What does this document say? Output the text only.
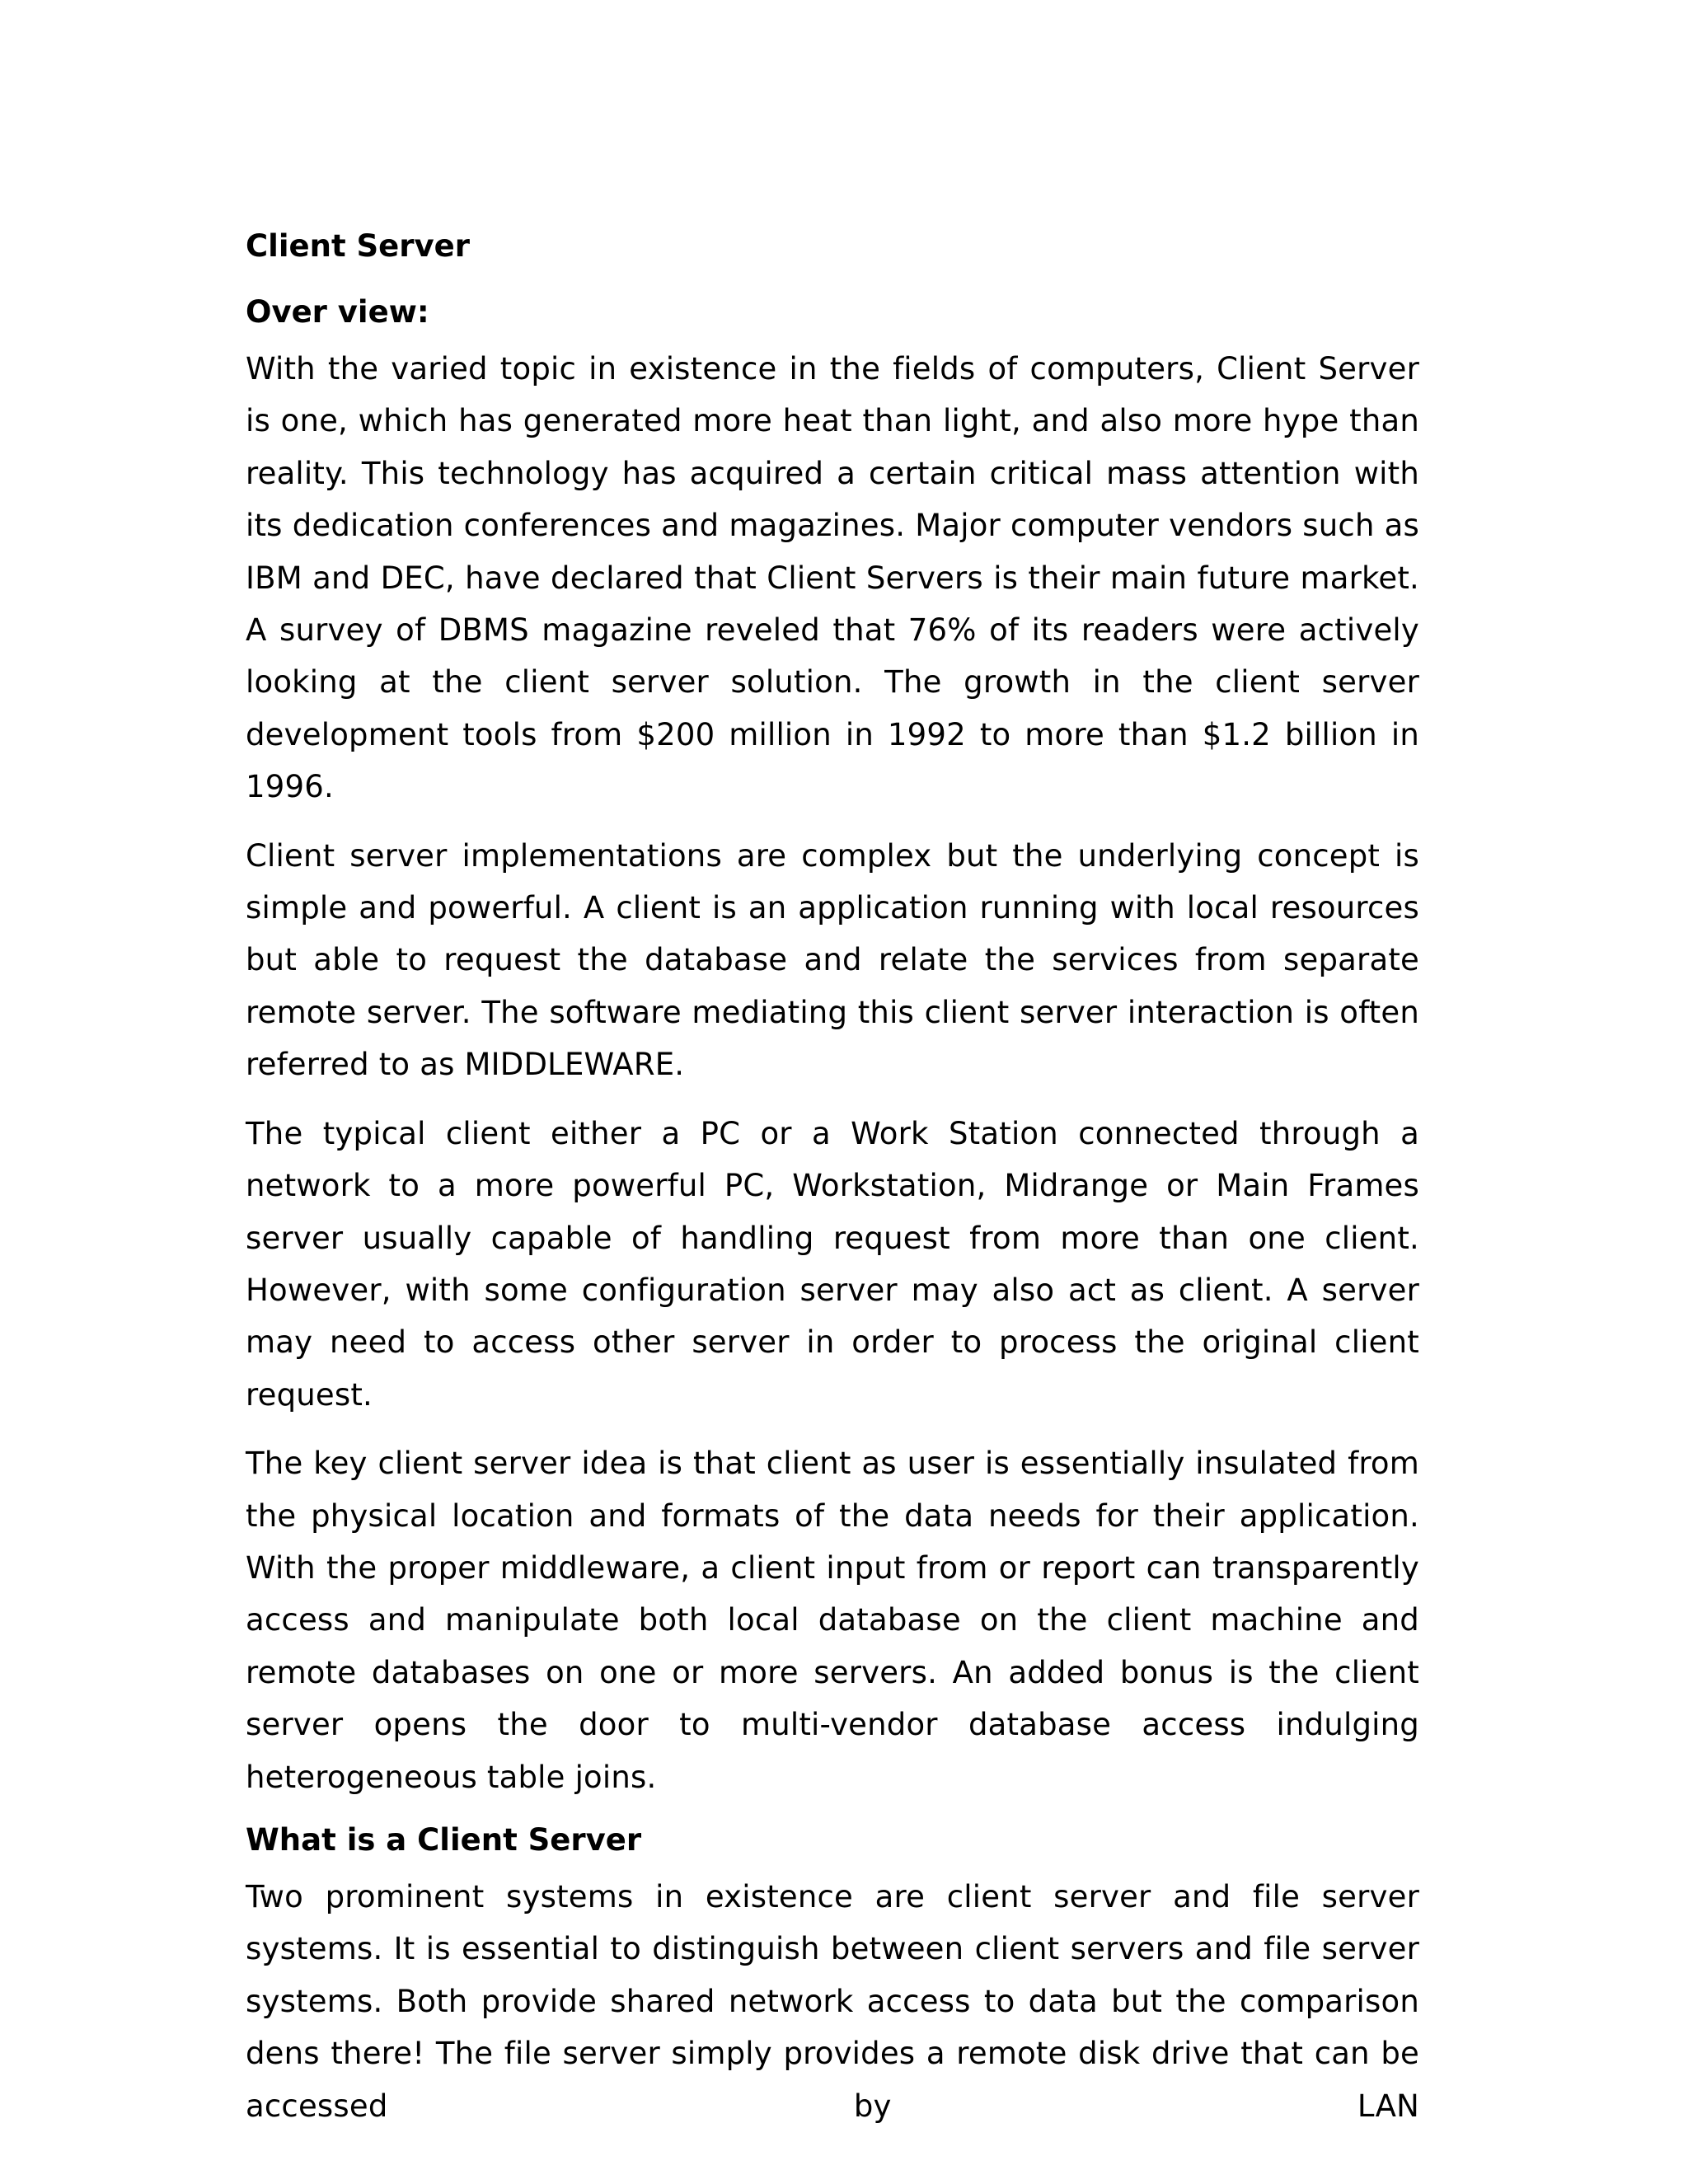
Client Server
Over view:

With the varied topic in existence in the fields of computers, Client Server is one, which has generated more heat than light, and also more hype than reality. This technology has acquired a certain critical mass attention with its dedication conferences and magazines. Major computer vendors such as IBM and DEC, have declared that Client Servers is their main future market. A survey of DBMS magazine reveled that 76% of its readers were actively looking at the client server solution. The growth in the client server development tools from $200 million in 1992 to more than $1.2 billion in 1996.

Client server implementations are complex but the underlying concept is simple and powerful. A client is an application running with local resources but able to request the database and relate the services from separate remote server. The software mediating this client server interaction is often referred to as MIDDLEWARE.

The typical client either a PC or a Work Station connected through a network to a more powerful PC, Workstation, Midrange or Main Frames server usually capable of handling request from more than one client. However, with some configuration server may also act as client. A server may need to access other server in order to process the original client request.

The key client server idea is that client as user is essentially insulated from the physical location and formats of the data needs for their application. With the proper middleware, a client input from or report can transparently access and manipulate both local database on the client machine and remote databases on one or more servers. An added bonus is the client server opens the door to multi-vendor database access indulging heterogeneous table joins.

What is a Client Server

Two prominent systems in existence are client server and file server systems. It is essential to distinguish between client servers and file server systems. Both provide shared network access to data but the comparison dens there! The file server simply provides a remote disk drive that can be accessed by LAN
